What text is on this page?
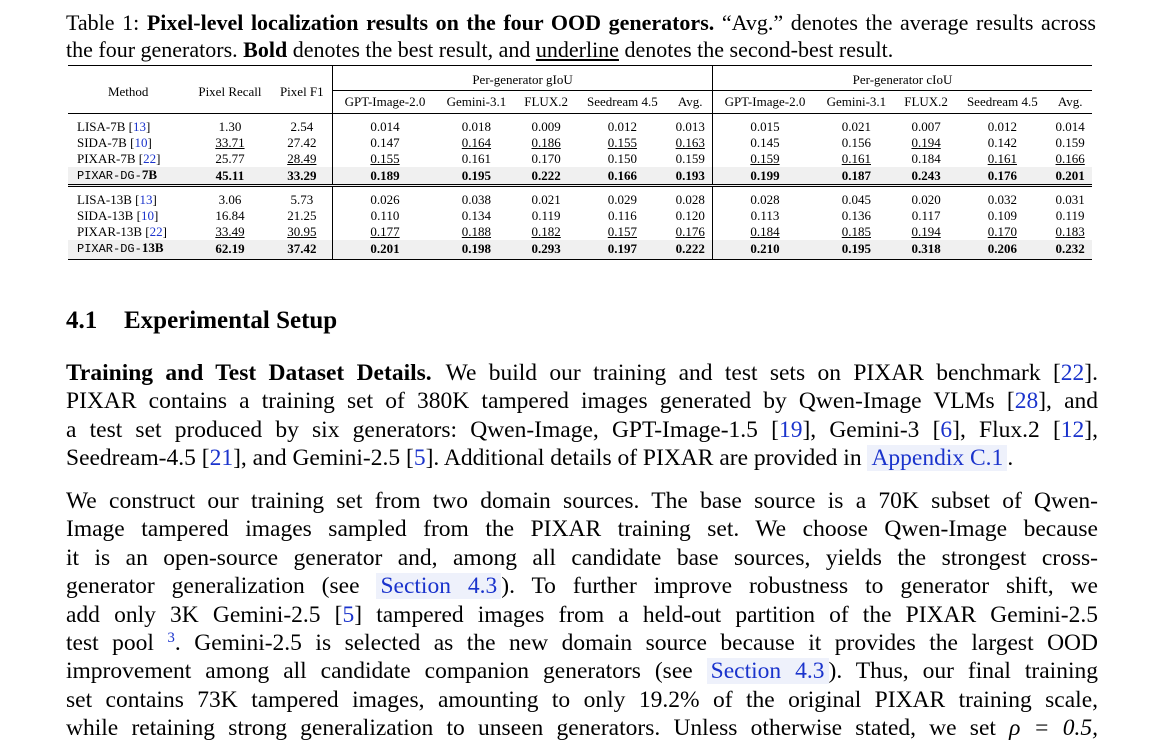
Table 1: Pixel-level localization results on the four OOD generators. “Avg.” denotes the average results across the four generators. Bold denotes the best result, and underline denotes the second-best result.
Method	Pixel Recall	Pixel F1	Per-generator gIoU					Per-generator cIoU				
			GPT-Image-2.0	Gemini-3.1	FLUX.2	Seedream 4.5	Avg.	GPT-Image-2.0	Gemini-3.1	FLUX.2	Seedream 4.5	Avg.
LISA-7B [13]	1.30	2.54	0.014	0.018	0.009	0.012	0.013	0.015	0.021	0.007	0.012	0.014
SIDA-7B [10]	33.71	27.42	0.147	0.164	0.186	0.155	0.163	0.145	0.156	0.194	0.142	0.159
PIXAR-7B [22]	25.77	28.49	0.155	0.161	0.170	0.150	0.159	0.159	0.161	0.184	0.161	0.166
PIXAR-DG-7B	45.11	33.29	0.189	0.195	0.222	0.166	0.193	0.199	0.187	0.243	0.176	0.201
LISA-13B [13]	3.06	5.73	0.026	0.038	0.021	0.029	0.028	0.028	0.045	0.020	0.032	0.031
SIDA-13B [10]	16.84	21.25	0.110	0.134	0.119	0.116	0.120	0.113	0.136	0.117	0.109	0.119
PIXAR-13B [22]	33.49	30.95	0.177	0.188	0.182	0.157	0.176	0.184	0.185	0.194	0.170	0.183
PIXAR-DG-13B	62.19	37.42	0.201	0.198	0.293	0.197	0.222	0.210	0.195	0.318	0.206	0.232
4.1 Experimental Setup
Training and Test Dataset Details. We build our training and test sets on PIXAR benchmark [22].
PIXAR contains a training set of 380K tampered images generated by Qwen-Image VLMs [28], and
a test set produced by six generators: Qwen-Image, GPT-Image-1.5 [19], Gemini-3 [6], Flux.2 [12],
Seedream-4.5 [21], and Gemini-2.5 [5]. Additional details of PIXAR are provided in Appendix C.1 .
We construct our training set from two domain sources. The base source is a 70K subset of Qwen-
Image tampered images sampled from the PIXAR training set. We choose Qwen-Image because
it is an open-source generator and, among all candidate base sources, yields the strongest cross-
generator generalization (see Section 4.3 ). To further improve robustness to generator shift, we
add only 3K Gemini-2.5 [5] tampered images from a held-out partition of the PIXAR Gemini-2.5
test pool $^3$. Gemini-2.5 is selected as the new domain source because it provides the largest OOD
improvement among all candidate companion generators (see Section 4.3 ). Thus, our final training
set contains 73K tampered images, amounting to only 19.2% of the original PIXAR training scale,
while retaining strong generalization to unseen generators. Unless otherwise stated, we set ρ = 0.5,
